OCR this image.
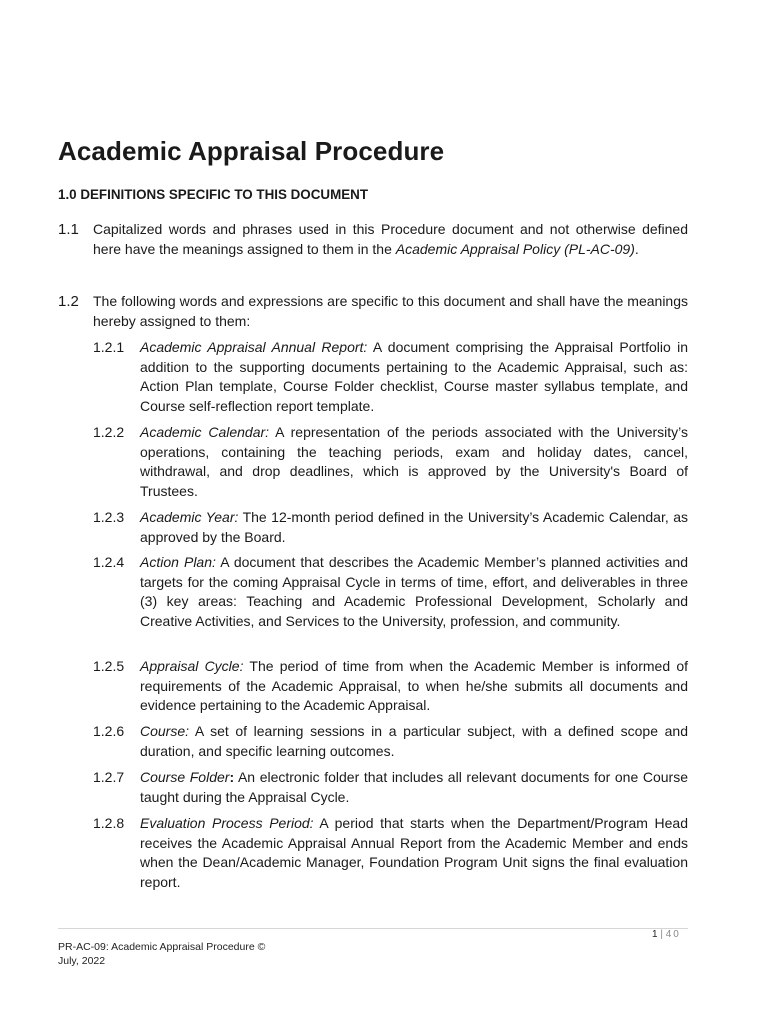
Academic Appraisal Procedure
1.0 DEFINITIONS SPECIFIC TO THIS DOCUMENT
1.1 Capitalized words and phrases used in this Procedure document and not otherwise defined here have the meanings assigned to them in the Academic Appraisal Policy (PL-AC-09).
1.2 The following words and expressions are specific to this document and shall have the meanings hereby assigned to them:
1.2.1 Academic Appraisal Annual Report: A document comprising the Appraisal Portfolio in addition to the supporting documents pertaining to the Academic Appraisal, such as: Action Plan template, Course Folder checklist, Course master syllabus template, and Course self-reflection report template.
1.2.2 Academic Calendar: A representation of the periods associated with the University’s operations, containing the teaching periods, exam and holiday dates, cancel, withdrawal, and drop deadlines, which is approved by the University's Board of Trustees.
1.2.3 Academic Year: The 12-month period defined in the University’s Academic Calendar, as approved by the Board.
1.2.4 Action Plan: A document that describes the Academic Member’s planned activities and targets for the coming Appraisal Cycle in terms of time, effort, and deliverables in three (3) key areas: Teaching and Academic Professional Development, Scholarly and Creative Activities, and Services to the University, profession, and community.
1.2.5 Appraisal Cycle: The period of time from when the Academic Member is informed of requirements of the Academic Appraisal, to when he/she submits all documents and evidence pertaining to the Academic Appraisal.
1.2.6 Course: A set of learning sessions in a particular subject, with a defined scope and duration, and specific learning outcomes.
1.2.7 Course Folder: An electronic folder that includes all relevant documents for one Course taught during the Appraisal Cycle.
1.2.8 Evaluation Process Period: A period that starts when the Department/Program Head receives the Academic Appraisal Annual Report from the Academic Member and ends when the Dean/Academic Manager, Foundation Program Unit signs the final evaluation report.
1 | 40
PR-AC-09: Academic Appraisal Procedure ©
July, 2022
